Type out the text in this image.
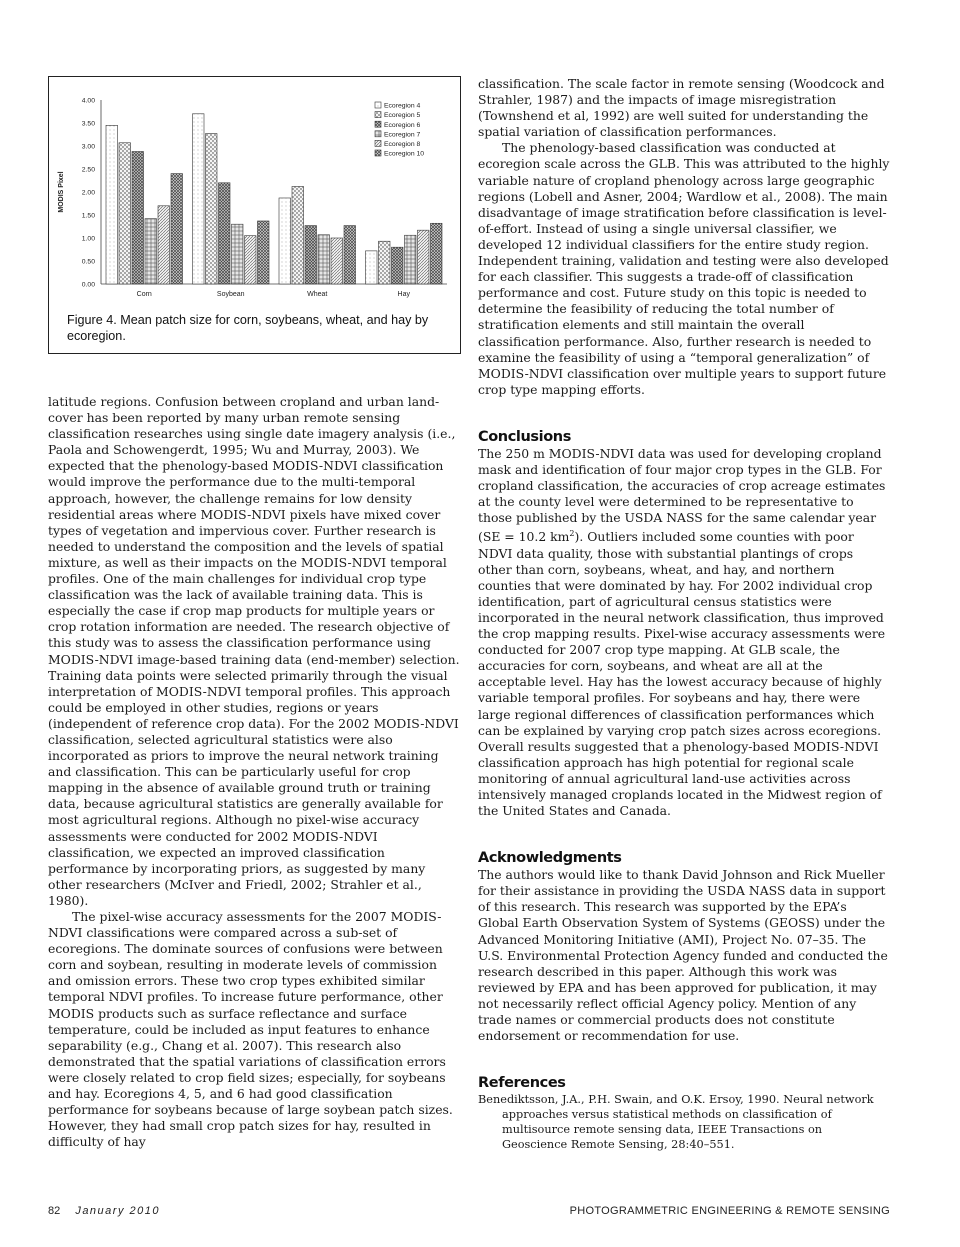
0.00
0.50
1.00
1.50
2.00
2.50
3.00
3.50
4.00
MODIS Pixel
Corn	Soybean	Wheat	Hay
Ecoregion 4
Ecoregion 5
Ecoregion 6
Ecoregion 7
Ecoregion 8
Ecoregion 10
Figure 4. Mean patch size for corn, soybeans, wheat, and hay by ecoregion.

latitude regions. Confusion between cropland and urban land-cover has been reported by many urban remote sensing classification researches using single date imagery analysis (i.e., Paola and Schowengerdt, 1995; Wu and Murray, 2003). We expected that the phenology-based MODIS-NDVI classification would improve the performance due to the multi-temporal approach, however, the challenge remains for low density residential areas where MODIS-NDVI pixels have mixed cover types of vegetation and impervious cover. Further research is needed to understand the composition and the levels of spatial mixture, as well as their impacts on the MODIS-NDVI temporal profiles. One of the main challenges for individual crop type classification was the lack of available training data. This is especially the case if crop map products for multiple years or crop rotation information are needed. The research objective of this study was to assess the classification performance using MODIS-NDVI image-based training data (end-member) selection. Training data points were selected primarily through the visual interpretation of MODIS-NDVI temporal profiles. This approach could be employed in other studies, regions or years (independent of reference crop data). For the 2002 MODIS-NDVI classification, selected agricultural statistics were also incorporated as priors to improve the neural network training and classification. This can be particularly useful for crop mapping in the absence of available ground truth or training data, because agricultural statistics are generally available for most agricultural regions. Although no pixel-wise accuracy assessments were conducted for 2002 MODIS-NDVI classification, we expected an improved classification performance by incorporating priors, as suggested by many other researchers (McIver and Friedl, 2002; Strahler et al., 1980).

The pixel-wise accuracy assessments for the 2007 MODIS-NDVI classifications were compared across a sub-set of ecoregions. The dominate sources of confusions were between corn and soybean, resulting in moderate levels of commission and omission errors. These two crop types exhibited similar temporal NDVI profiles. To increase future performance, other MODIS products such as surface reflectance and surface temperature, could be included as input features to enhance separability (e.g., Chang et al. 2007). This research also demonstrated that the spatial variations of classification errors were closely related to crop field sizes; especially, for soybeans and hay. Ecoregions 4, 5, and 6 had good classification performance for soybeans because of large soybean patch sizes. However, they had small crop patch sizes for hay, resulted in difficulty of hay

classification. The scale factor in remote sensing (Woodcock and Strahler, 1987) and the impacts of image misregistration (Townshend et al, 1992) are well suited for understanding the spatial variation of classification performances.

The phenology-based classification was conducted at ecoregion scale across the GLB. This was attributed to the highly variable nature of cropland phenology across large geographic regions (Lobell and Asner, 2004; Wardlow et al., 2008). The main disadvantage of image stratification before classification is level-of-effort. Instead of using a single universal classifier, we developed 12 individual classifiers for the entire study region. Independent training, validation and testing were also developed for each classifier. This suggests a trade-off of classification performance and cost. Future study on this topic is needed to determine the feasibility of reducing the total number of stratification elements and still maintain the overall classification performance. Also, further research is needed to examine the feasibility of using a “temporal generalization” of MODIS-NDVI classification over multiple years to support future crop type mapping efforts.

Conclusions

The 250 m MODIS-NDVI data was used for developing cropland mask and identification of four major crop types in the GLB. For cropland classification, the accuracies of crop acreage estimates at the county level were determined to be representative to those published by the USDA NASS for the same calendar year (SE = 10.2 $km^2$). Outliers included some counties with poor NDVI data quality, those with substantial plantings of crops other than corn, soybeans, wheat, and hay, and northern counties that were dominated by hay. For 2002 individual crop identification, part of agricultural census statistics were incorporated in the neural network classification, thus improved the crop mapping results. Pixel-wise accuracy assessments were conducted for 2007 crop type mapping. At GLB scale, the accuracies for corn, soybeans, and wheat are all at the acceptable level. Hay has the lowest accuracy because of highly variable temporal profiles. For soybeans and hay, there were large regional differences of classification performances which can be explained by varying crop patch sizes across ecoregions. Overall results suggested that a phenology-based MODIS-NDVI classification approach has high potential for regional scale monitoring of annual agricultural land-use activities across intensively managed croplands located in the Midwest region of the United States and Canada.

Acknowledgments

The authors would like to thank David Johnson and Rick Mueller for their assistance in providing the USDA NASS data in support of this research. This research was supported by the EPA’s Global Earth Observation System of Systems (GEOSS) under the Advanced Monitoring Initiative (AMI), Project No. 07–35. The U.S. Environmental Protection Agency funded and conducted the research described in this paper. Although this work was reviewed by EPA and has been approved for publication, it may not necessarily reflect official Agency policy. Mention of any trade names or commercial products does not constitute endorsement or recommendation for use.

References

Benediktsson, J.A., P.H. Swain, and O.K. Ersoy, 1990. Neural network approaches versus statistical methods on classification of multisource remote sensing data, IEEE Transactions on Geoscience Remote Sensing, 28:40–551.

82 January 2010	PHOTOGRAMMETRIC ENGINEERING & REMOTE SENSING
